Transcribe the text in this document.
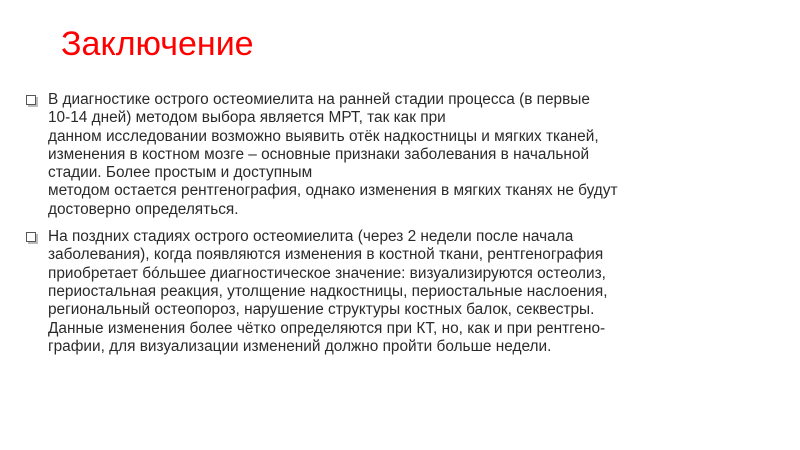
Заключение
В диагностике острого остеомиелита на ранней стадии процесса (в первые
10-14 дней) методом выбора является МРТ, так как при
данном исследовании возможно выявить отёк надкостницы и мягких тканей,
изменения в костном мозге – основные признаки заболевания в начальной
стадии. Более простым и доступным
методом остается рентгенография, однако изменения в мягких тканях не будут
достоверно определяться.
На поздних стадиях острого остеомиелита (через 2 недели после начала
заболевания), когда появляются изменения в костной ткани, рентгенография
приобретает бóльшее диагностическое значение: визуализируются остеолиз,
периостальная реакция, утолщение надкостницы, периостальные наслоения,
региональный остеопороз, нарушение структуры костных балок, секвестры.
Данные изменения более чётко определяются при КТ, но, как и при рентгено-
графии, для визуализации изменений должно пройти больше недели.
